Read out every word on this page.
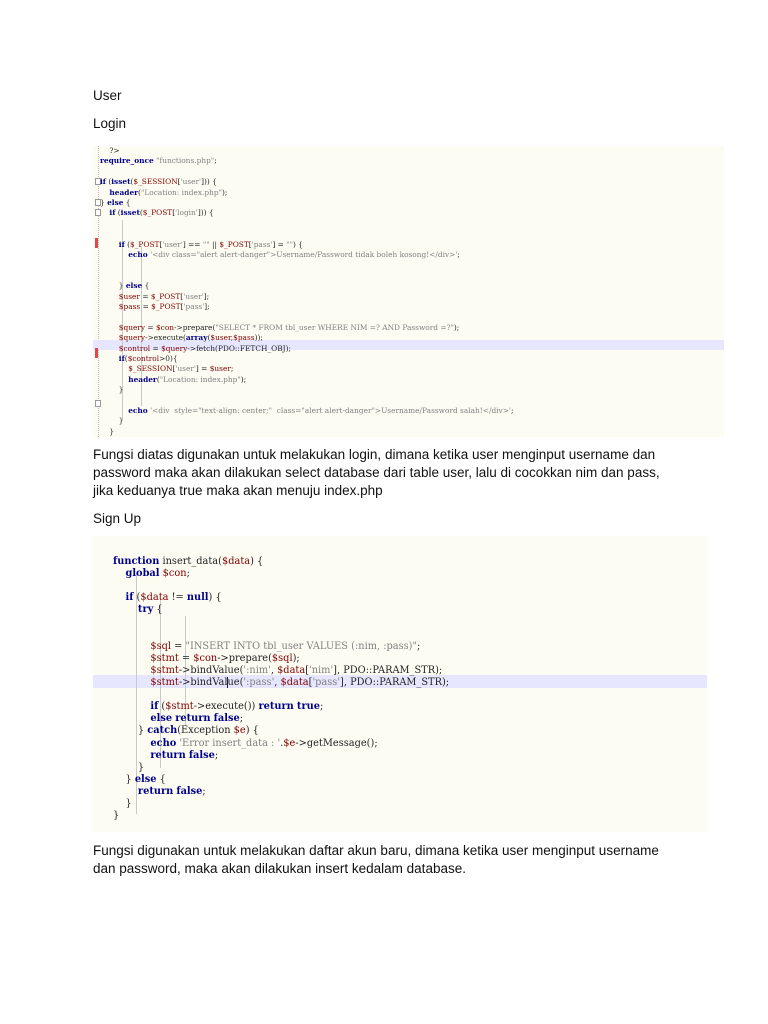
User
Login
?>
require_once "functions.php";
if (isset($_SESSION['user'])) {
header("Location: index.php");
} else {
if (isset($_POST['login'])) {
if ($_POST['user'] == "" || $_POST['pass'] = "") {
echo '<div class="alert alert-danger">Username/Password tidak boleh kosong!</div>';
} else {
$user = $_POST['user'];
$pass = $_POST['pass'];
$query = $con->prepare("SELECT * FROM tbl_user WHERE NIM =? AND Password =?");
$query->execute(array($user,$pass));
$control = $query->fetch(PDO::FETCH_OBJ);
if($control>0){
$_SESSION['user'] = $user;
header("Location: index.php");
}
echo '<div  style="text-align: center;"  class="alert alert-danger">Username/Password salah!</div>';
}
}
Fungsi diatas digunakan untuk melakukan login, dimana ketika user menginput username dan password maka akan dilakukan select database dari table user, lalu di cocokkan nim dan pass, jika keduanya true maka akan menuju index.php
Sign Up
function insert_data($data) {
global $con;
if ($data != null) {
try {
$sql = "INSERT INTO tbl_user VALUES (:nim, :pass)";
$stmt = $con->prepare($sql);
$stmt->bindValue(':nim', $data['nim'], PDO::PARAM_STR);
$stmt->bindValue(':pass', $data['pass'], PDO::PARAM_STR);
if ($stmt->execute()) return true;
else return false;
} catch(Exception $e) {
echo 'Error insert_data : '.$e->getMessage();
return false;
}
} else {
return false;
}
}
Fungsi digunakan untuk melakukan daftar akun baru, dimana ketika user menginput username dan password, maka akan dilakukan insert kedalam database.
